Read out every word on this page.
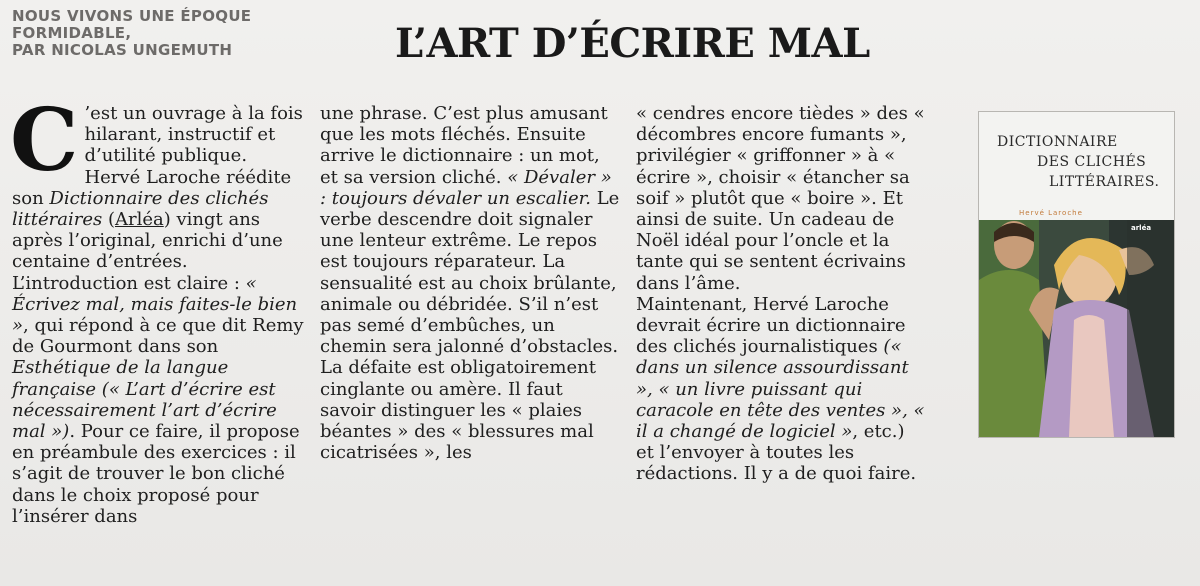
NOUS VIVONS UNE ÉPOQUE
FORMIDABLE,
PAR NICOLAS UNGEMUTH	L’ART D’ÉCRIRE MAL

C ’est un ouvrage à la fois hilarant, instructif et d’utilité publique. Hervé Laroche réédite son Dictionnaire des clichés littéraires (Arléa) vingt ans après l’original, enrichi d’une centaine d’entrées. L’introduction est claire : « Écrivez mal, mais faites-le bien », qui répond à ce que dit Remy de Gourmont dans son Esthétique de la langue française (« L’art d’écrire est nécessairement l’art d’écrire mal »). Pour ce faire, il propose en préambule des exercices : il s’agit de trouver le bon cliché dans le choix proposé pour l’insérer dans

une phrase. C’est plus amusant que les mots fléchés. Ensuite arrive le dictionnaire : un mot, et sa version cliché. « Dévaler » : toujours dévaler un escalier. Le verbe descendre doit signaler une lenteur extrême. Le repos est toujours réparateur. La sensualité est au choix brûlante, animale ou débridée. S’il n’est pas semé d’embûches, un chemin sera jalonné d’obstacles. La défaite est obligatoirement cinglante ou amère. Il faut savoir distinguer les « plaies béantes » des « blessures mal cicatrisées », les

« cendres encore tièdes » des « décombres encore fumants », privilégier « griffonner » à « écrire », choisir « étancher sa soif » plutôt que « boire ». Et ainsi de suite. Un cadeau de Noël idéal pour l’oncle et la tante qui se sentent écrivains dans l’âme.
Maintenant, Hervé Laroche devrait écrire un dictionnaire des clichés journalistiques (« dans un silence assourdissant », « un livre puissant qui caracole en tête des ventes », « il a changé de logiciel », etc.) et l’envoyer à toutes les rédactions. Il y a de quoi faire.

DICTIONNAIRE
DES CLICHÉS
LITTÉRAIRES.
Hervé Laroche
arléa
